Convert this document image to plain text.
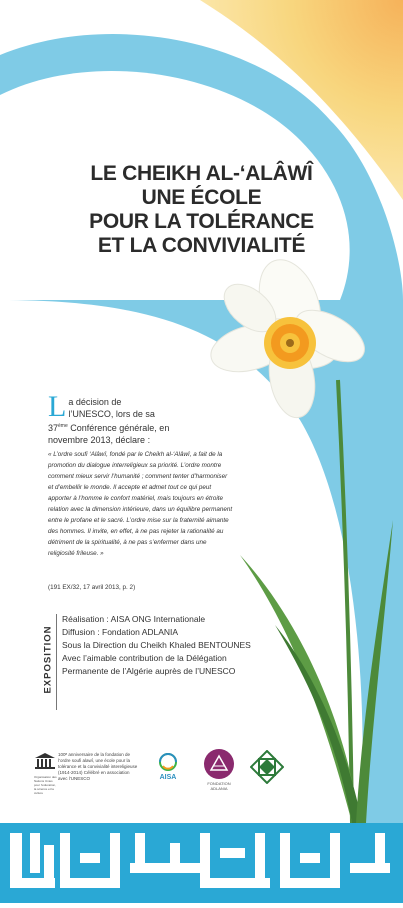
LE CHEIKH AL-‘ALÂWÎ
UNE ÉCOLE
POUR LA TOLÉRANCE
ET LA CONVIVIALITÉ
L a décision de
l’UNESCO, lors de sa
37ème Conférence générale, en
novembre 2013, déclare :
« L’ordre soufi ‘Alâwî, fondé par le Cheikh al-‘Alâwî, a fait de la promotion du dialogue interreligieux sa priorité. L’ordre montre comment mieux servir l’humanité ; comment tenter d’harmoniser et d’embellir le monde. Il accepte et admet tout ce qui peut apporter à l’homme le confort matériel, mais toujours en étroite relation avec la dimension intérieure, dans un équilibre permanent entre le profane et le sacré. L’ordre mise sur la fraternité aimante des hommes. Il invite, en effet, à ne pas rejeter la rationalité au détriment de la spiritualité, à ne pas s’enfermer dans une religiosité frileuse. »
(191 EX/32, 17 avril 2013, p. 2)
EXPOSITION
Réalisation : AISA ONG Internationale
Diffusion : Fondation ADLANIA
Sous la Direction du Cheikh Khaled BENTOUNES
Avec l’aimable contribution de la Délégation
Permanente de l’Algérie auprès de l’UNESCO
Organisation des Nations Unies pour l’éducation, la science et la culture
100ᵉ anniversaire de la fondation de l’ordre soufi alawî, une école pour la tolérance et la convivialité intereligieuse (1914-2014) Célébré en association avec l’UNESCO	AISA
FONDATION ADLANIA
